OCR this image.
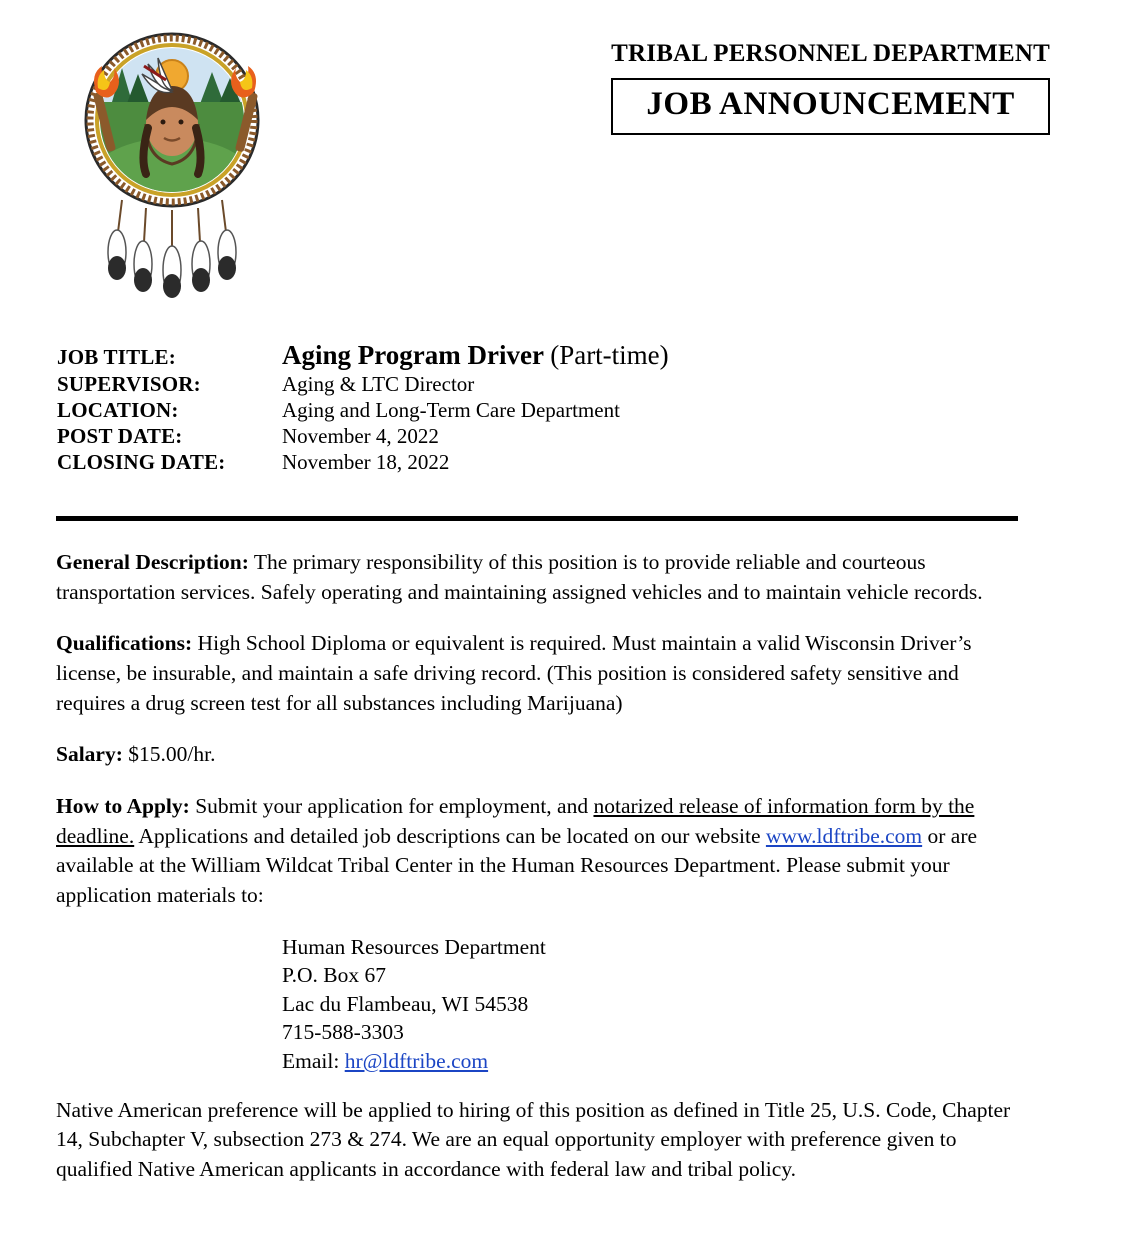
TRIBAL PERSONNEL DEPARTMENT
JOB ANNOUNCEMENT
JOB TITLE:	Aging Program Driver (Part-time)
SUPERVISOR:	Aging & LTC Director
LOCATION:	Aging and Long-Term Care Department
POST DATE:	November 4, 2022
CLOSING DATE:	November 18, 2022

General Description: The primary responsibility of this position is to provide reliable and courteous transportation services. Safely operating and maintaining assigned vehicles and to maintain vehicle records.

Qualifications: High School Diploma or equivalent is required. Must maintain a valid Wisconsin Driver’s license, be insurable, and maintain a safe driving record. (This position is considered safety sensitive and requires a drug screen test for all substances including Marijuana)

Salary: $15.00/hr.

How to Apply: Submit your application for employment, and notarized release of information form by the deadline. Applications and detailed job descriptions can be located on our website www.ldftribe.com or are available at the William Wildcat Tribal Center in the Human Resources Department. Please submit your application materials to:

Human Resources Department
P.O. Box 67
Lac du Flambeau, WI 54538
715-588-3303
Email: hr@ldftribe.com

Native American preference will be applied to hiring of this position as defined in Title 25, U.S. Code, Chapter 14, Subchapter V, subsection 273 & 274. We are an equal opportunity employer with preference given to qualified Native American applicants in accordance with federal law and tribal policy.
